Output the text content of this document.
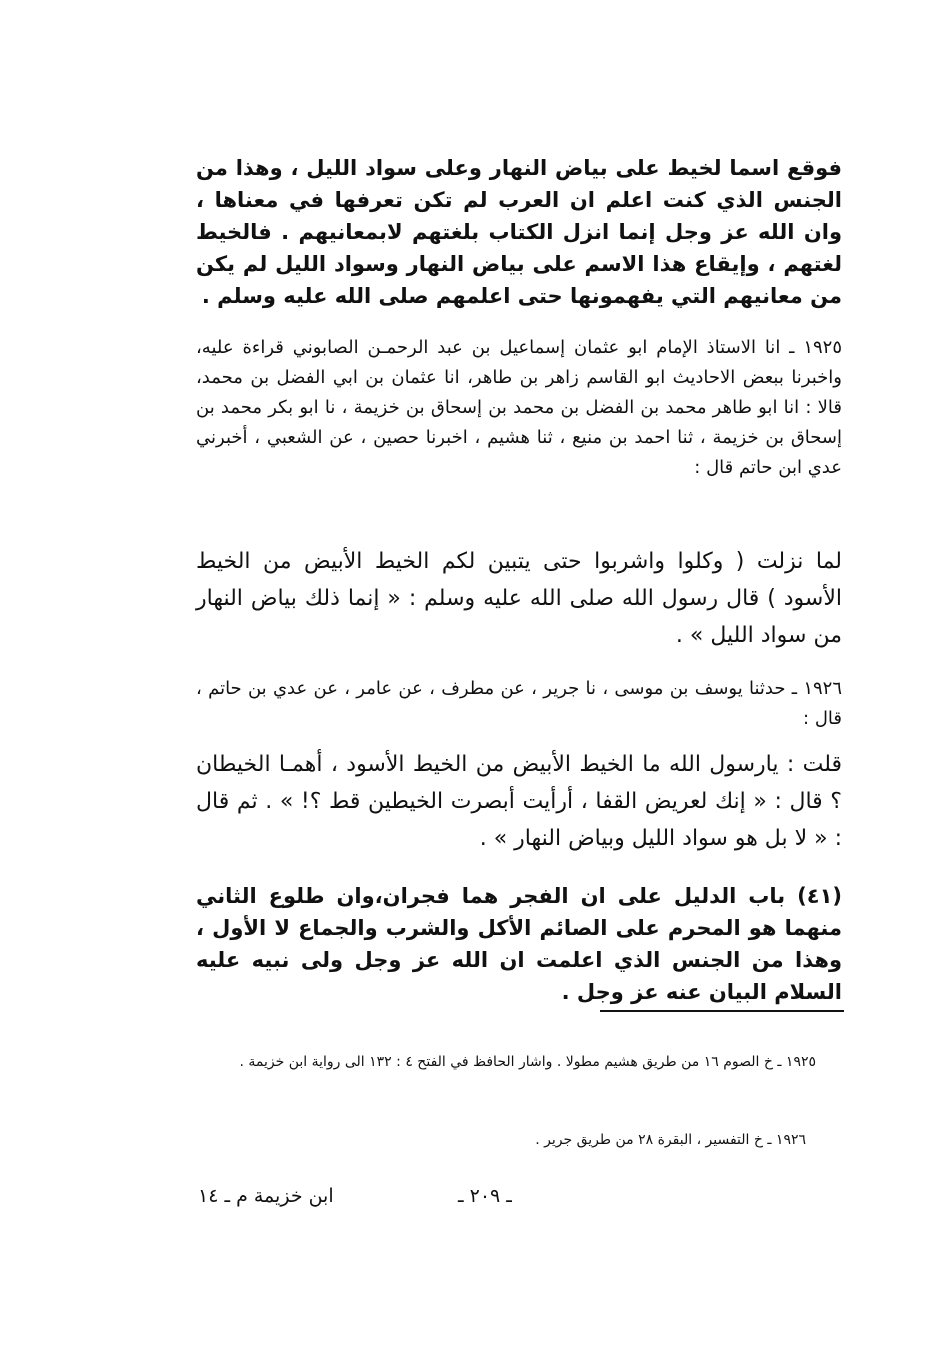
فوقع اسما لخيط على بياض النهار وعلى سواد الليل ، وهذا من الجنس الذي كنت اعلم ان العرب لم تكن تعرفها في معناها ، وان الله عز وجل إنما انزل الكتاب بلغتهم لابمعانيهم . فالخيط لغتهم ، وإيقاع هذا الاسم على بياض النهار وسواد الليل لم يكن من معانيهم التي يفهمونها حتى اعلمهم صلى الله عليه وسلم .

١٩٢٥ ـ انا الاستاذ الإمام ابو عثمان إسماعيل بن عبد الرحمـن الصابوني قراءة عليه، واخبرنا ببعض الاحاديث ابو القاسم زاهر بن طاهر، انا عثمان بن ابي الفضل بن محمد، قالا : انا ابو طاهر محمد بن الفضل بن محمد بن إسحاق بن خزيمة ، نا ابو بكر محمد بن إسحاق بن خزيمة ، ثنا احمد بن منيع ، ثنا هشيم ، اخبرنا حصين ، عن الشعبي ، أخبرني عدي ابن حاتم قال :

لما نزلت ( وكلوا واشربوا حتى يتبين لكم الخيط الأبيض من الخيط الأسود ) قال رسول الله صلى الله عليه وسلم : « إنما ذلك بياض النهار من سواد الليل » .

١٩٢٦ ـ حدثنا يوسف بن موسى ، نا جرير ، عن مطرف ، عن عامر ، عن عدي بن حاتم ، قال :

قلت : يارسول الله ما الخيط الأبيض من الخيط الأسود ، أهمـا الخيطان ؟ قال : « إنك لعريض القفا ، أرأيت أبصرت الخيطين قط ؟! » . ثم قال : « لا بل هو سواد الليل وبياض النهار » .

(٤١) باب الدليل على ان الفجر هما فجران،وان طلوع الثاني منهما هو المحرم على الصائم الأكل والشرب والجماع لا الأول ، وهذا من الجنس الذي اعلمت ان الله عز وجل ولى نبيه عليه السلام البيان عنه عز وجل .

١٩٢٥ ـ خ الصوم ١٦ من طريق هشيم مطولا . واشار الحافظ في الفتح ٤ : ١٣٢ الى رواية ابن خزيمة .

١٩٢٦ ـ خ التفسير ، البقرة ٢٨ من طريق جرير .

ـ ٢٠٩ ـ
ابن خزيمة م ـ ١٤
